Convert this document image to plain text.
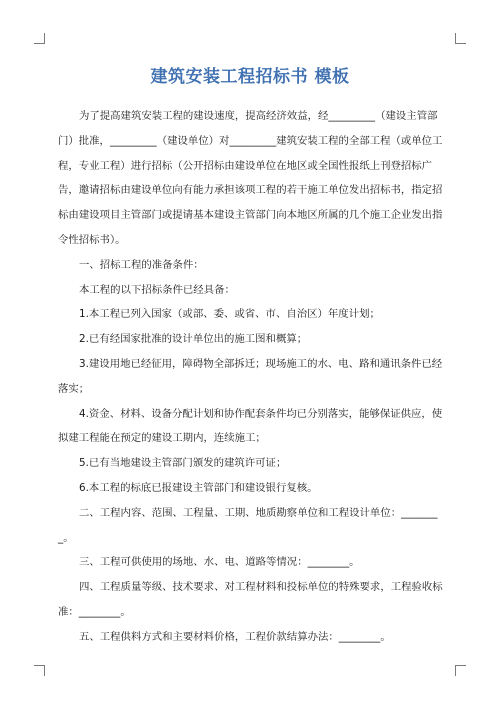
建筑安装工程招标书 模板

为了提高建筑安装工程的建设速度，提高经济效益，经_________（建设主管部门）批准，_________（建设单位）对_________建筑安装工程的全部工程（或单位工程，专业工程）进行招标（公开招标由建设单位在地区或全国性报纸上刊登招标广告，邀请招标由建设单位向有能力承担该项工程的若干施工单位发出招标书，指定招标由建设项目主管部门或提请基本建设主管部门向本地区所属的几个施工企业发出指令性招标书）。

一、招标工程的准备条件：

本工程的以下招标条件已经具备：

1.本工程已列入国家（或部、委、或省、市、自治区）年度计划；

2.已有经国家批准的设计单位出的施工图和概算；

3.建设用地已经征用，障碍物全部拆迁；现场施工的水、电、路和通讯条件已经落实；

4.资金、材料、设备分配计划和协作配套条件均已分别落实，能够保证供应，使拟建工程能在预定的建设工期内，连续施工；

5.已有当地建设主管部门颁发的建筑许可证；

6.本工程的标底已报建设主管部门和建设银行复核。

二、工程内容、范围、工程量、工期、地质勘察单位和工程设计单位：________。

三、工程可供使用的场地、水、电、道路等情况：________。

四、工程质量等级、技术要求、对工程材料和投标单位的特殊要求，工程验收标准：________。

五、工程供料方式和主要材料价格，工程价款结算办法：________。
